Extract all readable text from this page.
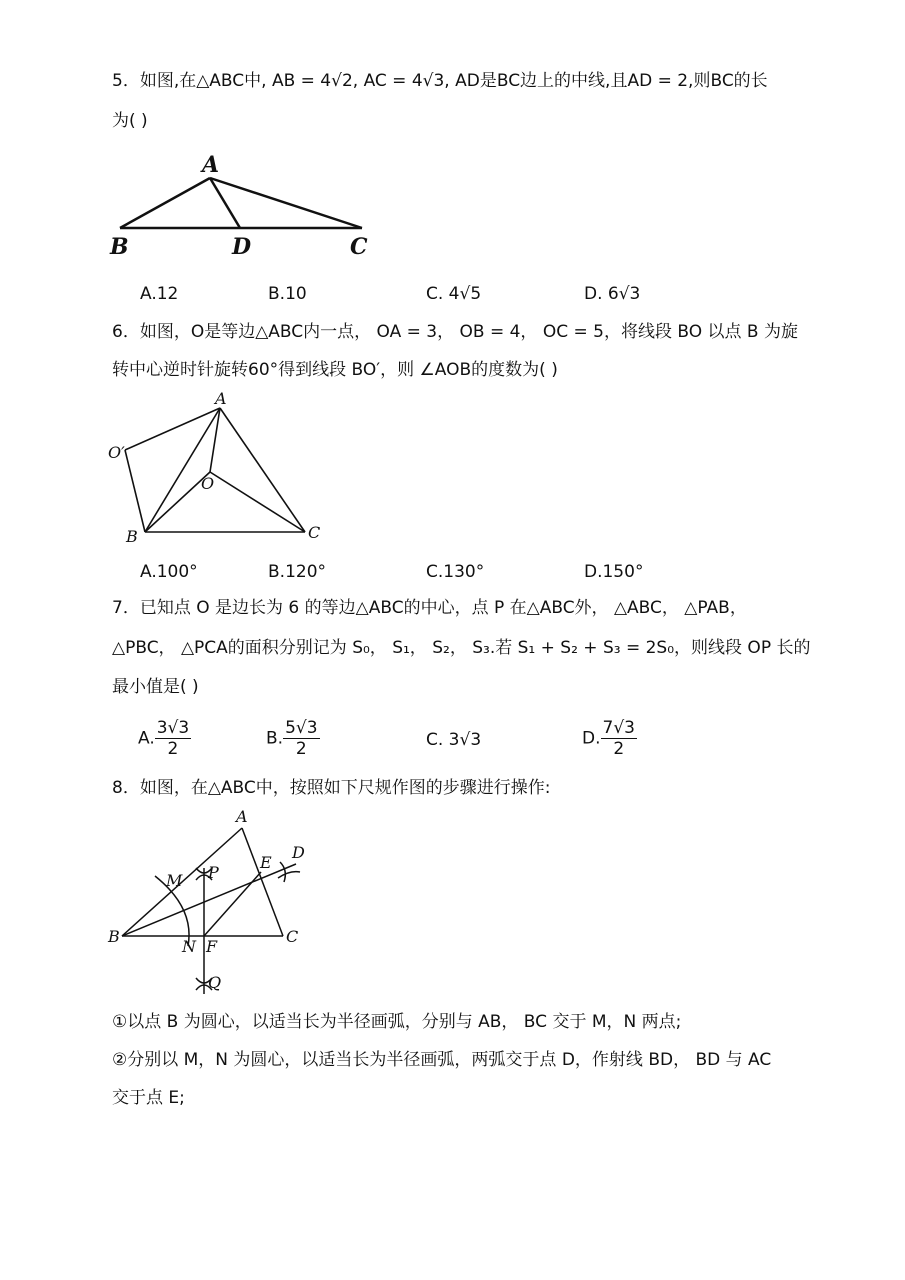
5．如图,在△ABC中, AB = 4√2, AC = 4√3, AD是BC边上的中线,且AD = 2,则BC的长
为( )
A
B	D	C
A.12	B.10	C. 4√5	D. 6√3
6．如图，O是等边△ABC内一点， OA = 3， OB = 4， OC = 5，将线段 BO 以点 B 为旋
转中心逆时针旋转60°得到线段 BO′，则 ∠AOB的度数为( )
A
O′
O
B	C
A.100°	B.120°	C.130°	D.150°
7．已知点 O 是边长为 6 的等边△ABC的中心，点 P 在△ABC外， △ABC， △PAB，
△PBC， △PCA的面积分别记为 S₀， S₁， S₂， S₃.若 S₁ + S₂ + S₃ = 2S₀，则线段 OP 长的
最小值是( )
A. $\frac{3√3}{2}$	B. $\frac{5√3}{2}$	C. 3√3	D. $\frac{7√3}{2}$
8．如图，在△ABC中，按照如下尺规作图的步骤进行操作:
A
D
M P
E
B
N F
C
Q
①以点 B 为圆心，以适当长为半径画弧，分别与 AB， BC 交于 M，N 两点;
②分别以 M，N 为圆心，以适当长为半径画弧，两弧交于点 D，作射线 BD， BD 与 AC
交于点 E;
